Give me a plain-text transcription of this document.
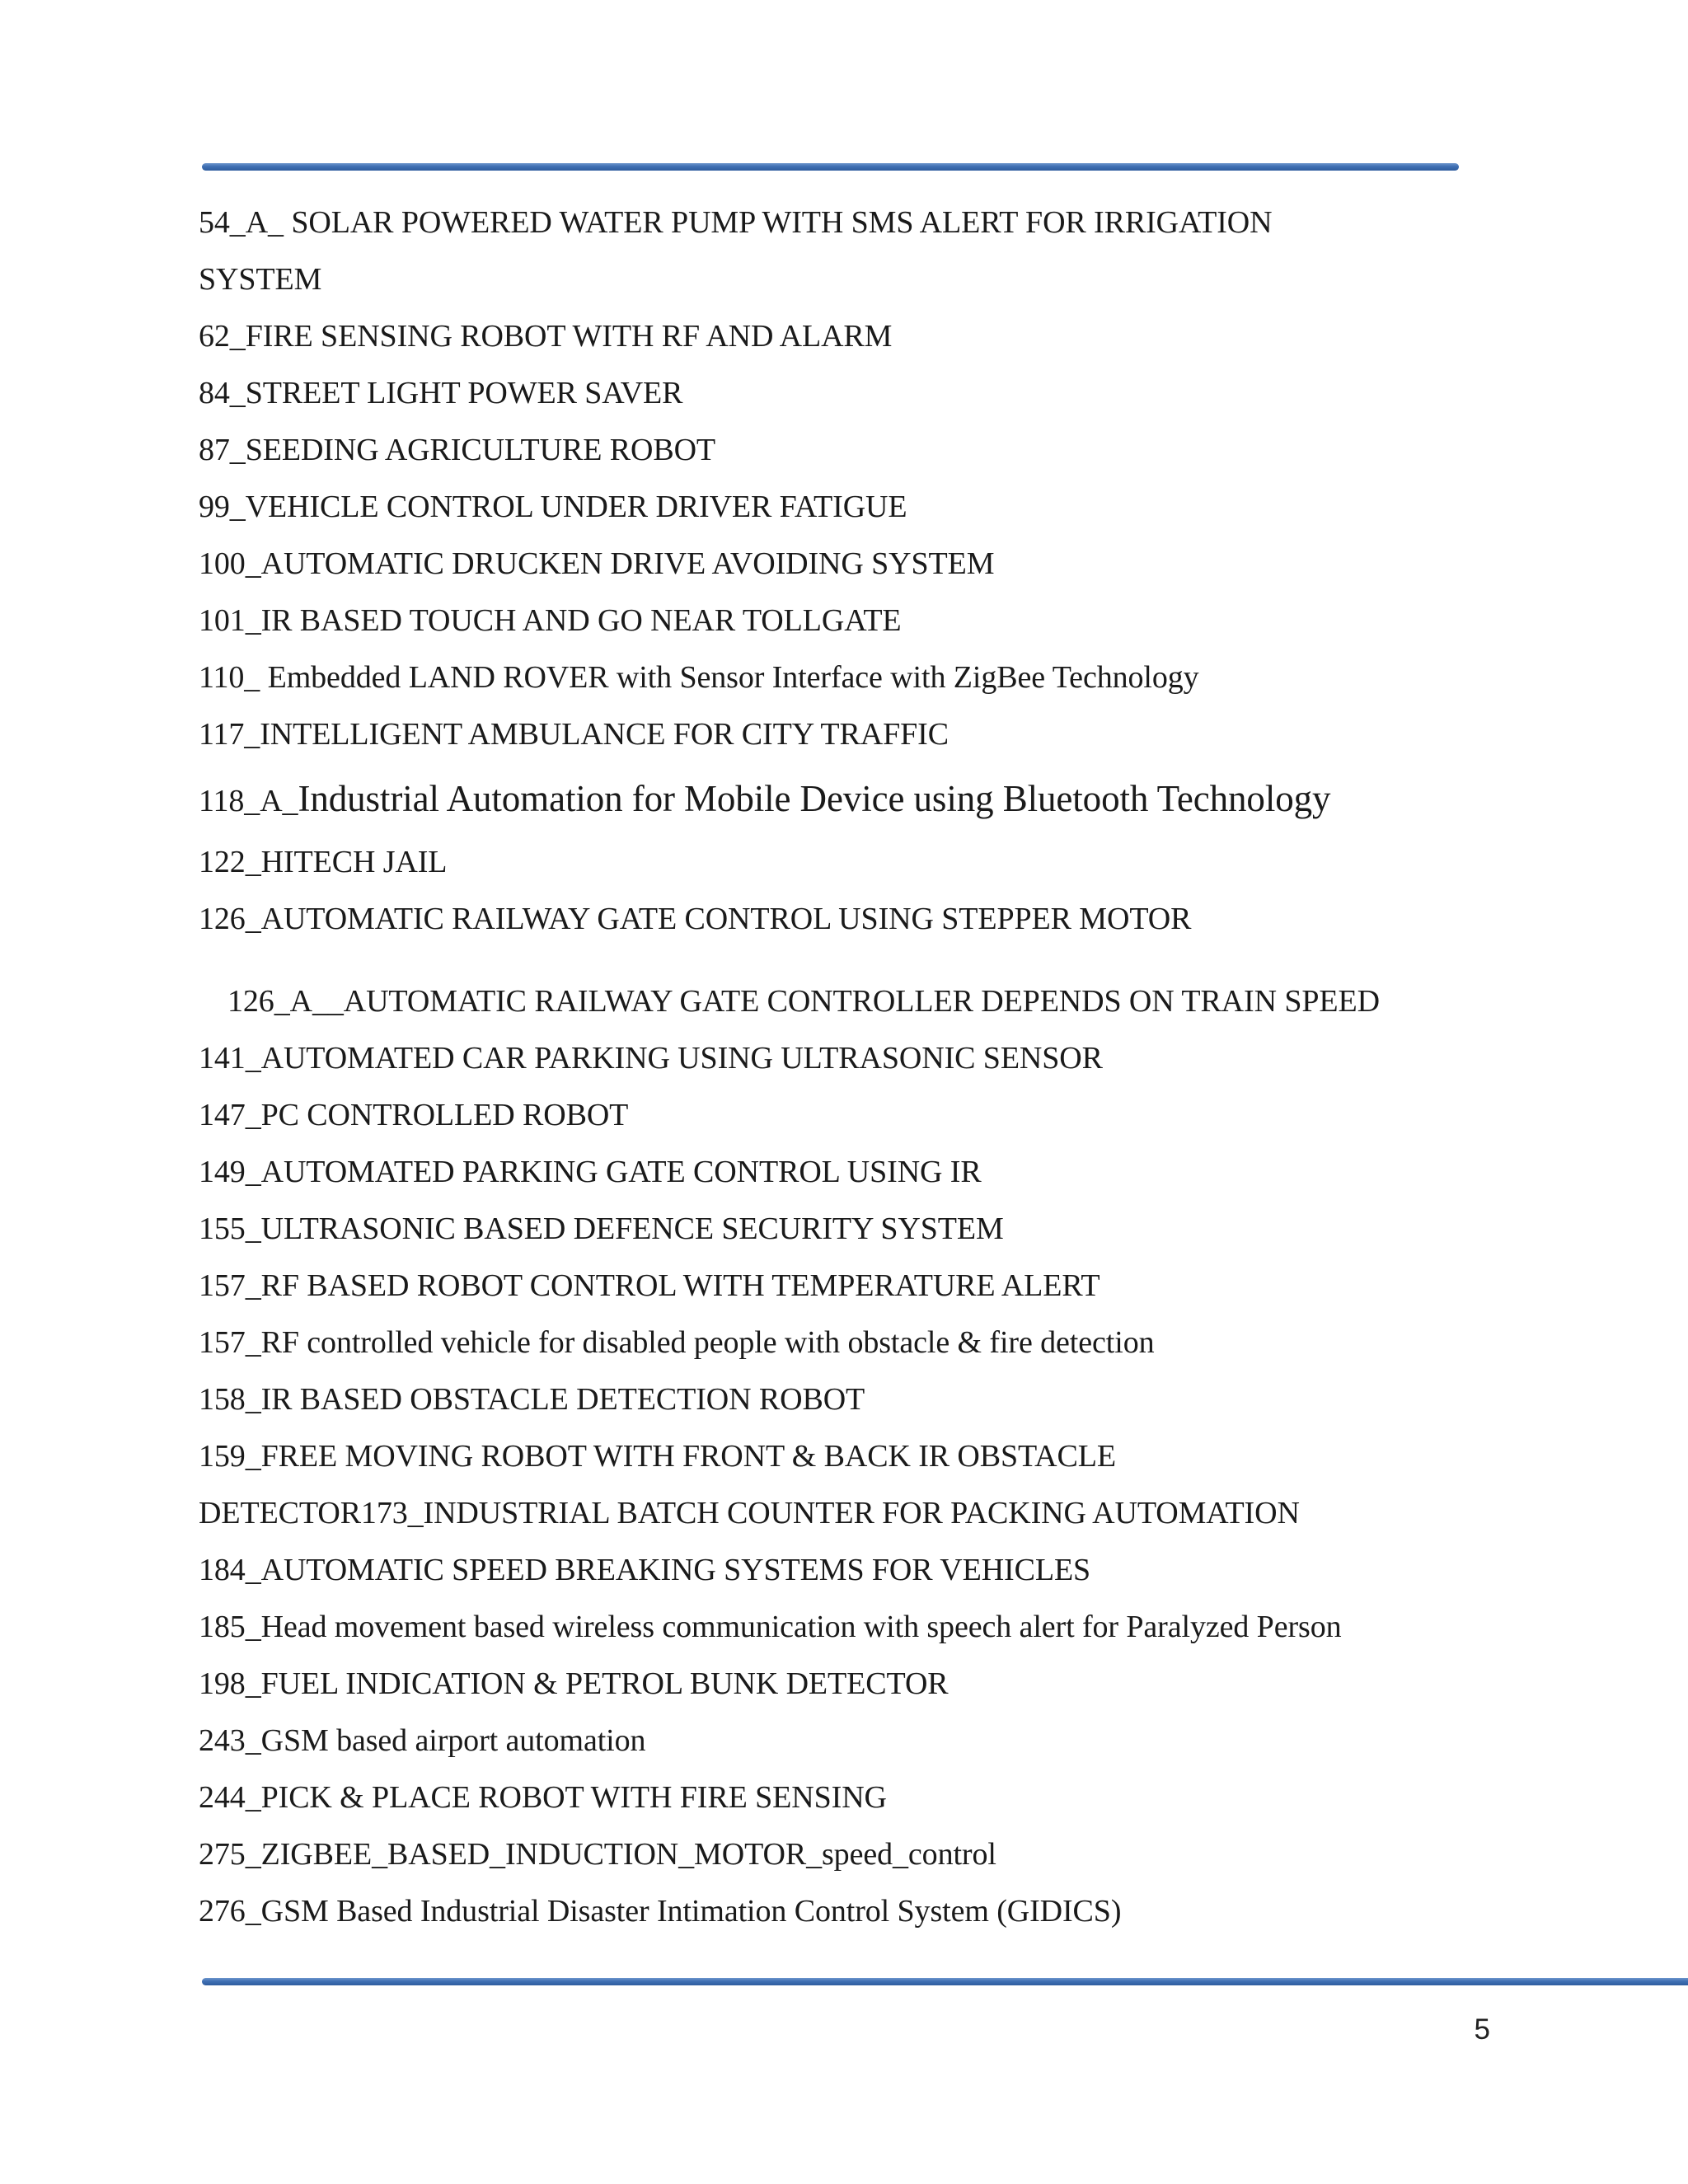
54_A_ SOLAR POWERED WATER PUMP WITH SMS ALERT FOR IRRIGATION
SYSTEM
62_FIRE SENSING ROBOT WITH RF AND ALARM
84_STREET LIGHT POWER SAVER
87_SEEDING AGRICULTURE ROBOT
99_VEHICLE CONTROL UNDER DRIVER FATIGUE
100_AUTOMATIC DRUCKEN DRIVE AVOIDING SYSTEM
101_IR BASED TOUCH AND GO NEAR TOLLGATE
110_ Embedded LAND ROVER with Sensor Interface with ZigBee Technology
117_INTELLIGENT AMBULANCE FOR CITY TRAFFIC
118_A_Industrial Automation for Mobile Device using Bluetooth Technology
122_HITECH JAIL
126_AUTOMATIC RAILWAY GATE CONTROL USING STEPPER MOTOR
126_A__AUTOMATIC RAILWAY GATE CONTROLLER DEPENDS ON TRAIN SPEED
141_AUTOMATED CAR PARKING USING ULTRASONIC SENSOR
147_PC CONTROLLED ROBOT
149_AUTOMATED PARKING GATE CONTROL USING IR
155_ULTRASONIC BASED DEFENCE SECURITY SYSTEM
157_RF BASED ROBOT CONTROL WITH TEMPERATURE ALERT
157_RF controlled vehicle for disabled people with obstacle & fire detection
158_IR BASED OBSTACLE DETECTION ROBOT
159_FREE MOVING ROBOT WITH FRONT & BACK IR OBSTACLE
DETECTOR173_INDUSTRIAL BATCH COUNTER FOR PACKING AUTOMATION
184_AUTOMATIC SPEED BREAKING SYSTEMS FOR VEHICLES
185_Head movement based wireless communication with speech alert for Paralyzed Person
198_FUEL INDICATION & PETROL BUNK DETECTOR
243_GSM based airport automation
244_PICK & PLACE ROBOT WITH FIRE SENSING
275_ZIGBEE_BASED_INDUCTION_MOTOR_speed_control
276_GSM Based Industrial Disaster Intimation Control System (GIDICS)
5
